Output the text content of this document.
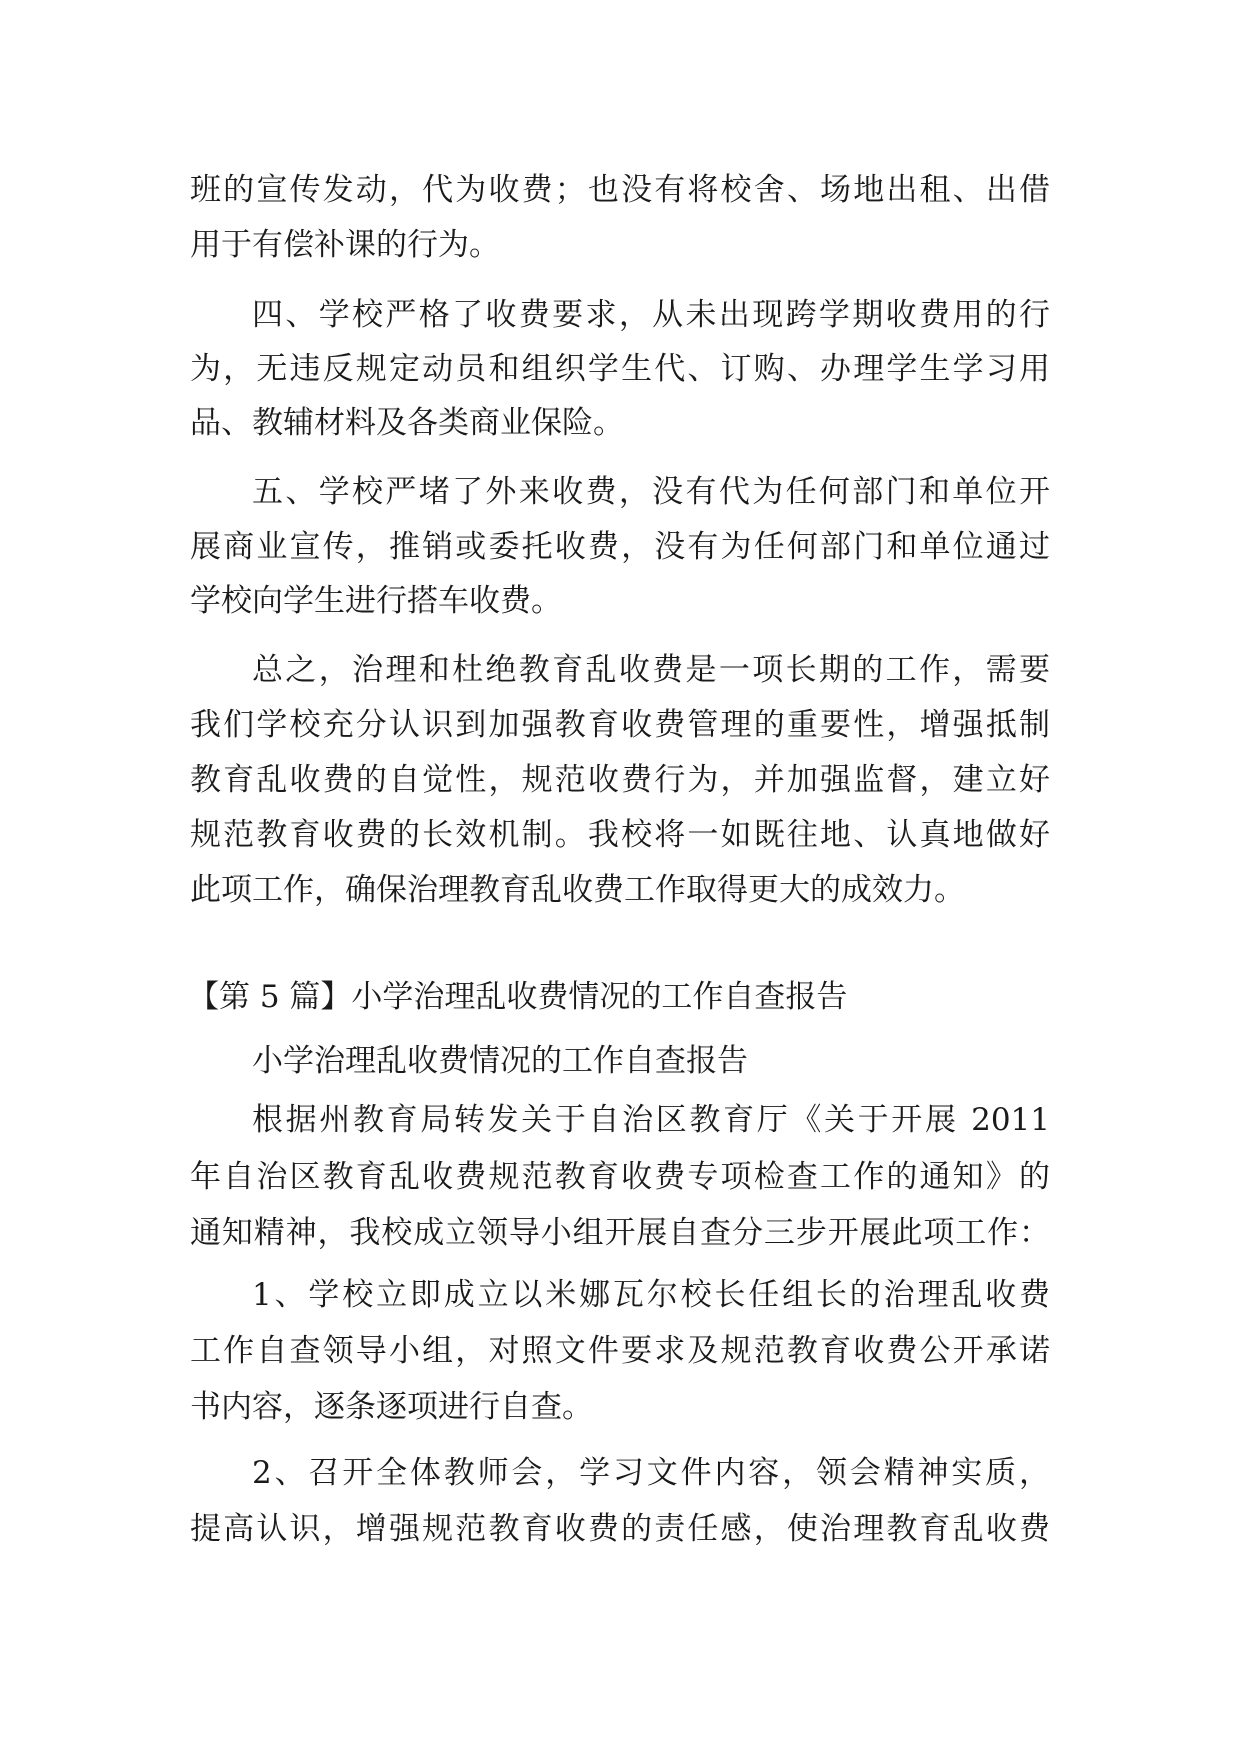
班的宣传发动，代为收费；也没有将校舍、场地出租、出借
用于有偿补课的行为。
四、学校严格了收费要求，从未出现跨学期收费用的行
为，无违反规定动员和组织学生代、订购、办理学生学习用
品、教辅材料及各类商业保险。
五、学校严堵了外来收费，没有代为任何部门和单位开
展商业宣传，推销或委托收费，没有为任何部门和单位通过
学校向学生进行搭车收费。
总之，治理和杜绝教育乱收费是一项长期的工作，需要
我们学校充分认识到加强教育收费管理的重要性，增强抵制
教育乱收费的自觉性，规范收费行为，并加强监督，建立好
规范教育收费的长效机制。我校将一如既往地、认真地做好
此项工作，确保治理教育乱收费工作取得更大的成效力。
【第 5 篇】小学治理乱收费情况的工作自查报告
小学治理乱收费情况的工作自查报告
根据州教育局转发关于自治区教育厅《关于开展 2011
年自治区教育乱收费规范教育收费专项检查工作的通知》的
通知精神，我校成立领导小组开展自查分三步开展此项工作：
1、学校立即成立以米娜瓦尔校长任组长的治理乱收费
工作自查领导小组，对照文件要求及规范教育收费公开承诺
书内容，逐条逐项进行自查。
2、召开全体教师会，学习文件内容，领会精神实质，
提高认识，增强规范教育收费的责任感，使治理教育乱收费
